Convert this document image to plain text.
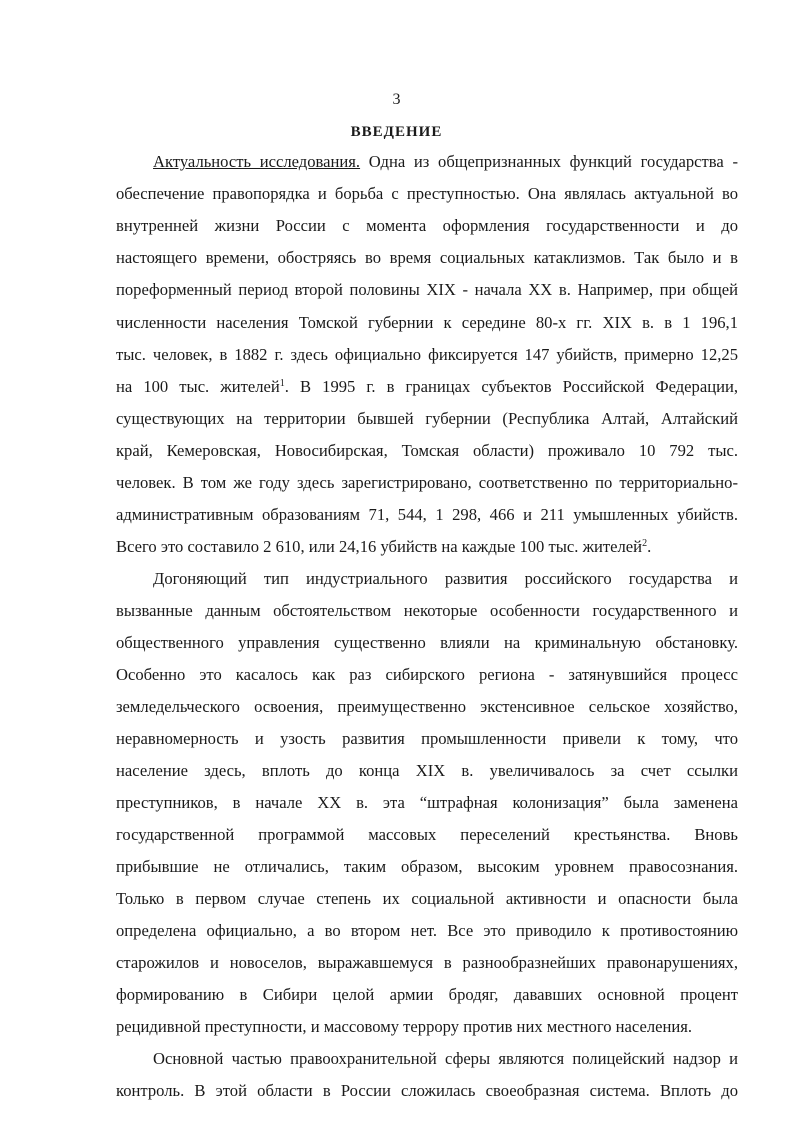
3
ВВЕДЕНИЕ
Актуальность исследования. Одна из общепризнанных функций государства -
обеспечение правопорядка и борьба с преступностью. Она являлась актуальной во
внутренней жизни России с момента оформления государственности и до
настоящего времени, обостряясь во время социальных катаклизмов. Так было и в
пореформенный период второй половины XIX - начала XX в. Например, при общей
численности населения Томской губернии к середине 80-х гг. XIX в. в 1 196,1
тыс. человек, в 1882 г. здесь официально фиксируется 147 убийств, примерно 12,25
на 100 тыс. жителей$^1$. В 1995 г. в границах субъектов Российской Федерации,
существующих на территории бывшей губернии (Республика Алтай, Алтайский
край, Кемеровская, Новосибирская, Томская области) проживало 10 792 тыс.
человек. В том же году здесь зарегистрировано, соответственно по территориально-
административным образованиям 71, 544, 1 298, 466 и 211 умышленных убийств.
Всего это составило 2 610, или 24,16 убийств на каждые 100 тыс. жителей$^2$.
Догоняющий тип индустриального развития российского государства и
вызванные данным обстоятельством некоторые особенности государственного и
общественного управления существенно влияли на криминальную обстановку.
Особенно это касалось как раз сибирского региона - затянувшийся процесс
земледельческого освоения, преимущественно экстенсивное сельское хозяйство,
неравномерность и узость развития промышленности привели к тому, что
население здесь, вплоть до конца XIX в. увеличивалось за счет ссылки
преступников, в начале XX в. эта “штрафная колонизация” была заменена
государственной программой массовых переселений крестьянства. Вновь
прибывшие не отличались, таким образом, высоким уровнем правосознания.
Только в первом случае степень их социальной активности и опасности была
определена официально, а во втором нет. Все это приводило к противостоянию
старожилов и новоселов, выражавшемуся в разнообразнейших правонарушениях,
формированию в Сибири целой армии бродяг, дававших основной процент
рецидивной преступности, и массовому террору против них местного населения.
Основной частью правоохранительной сферы являются полицейский надзор и
контроль. В этой области в России сложилась своеобразная система. Вплоть до
